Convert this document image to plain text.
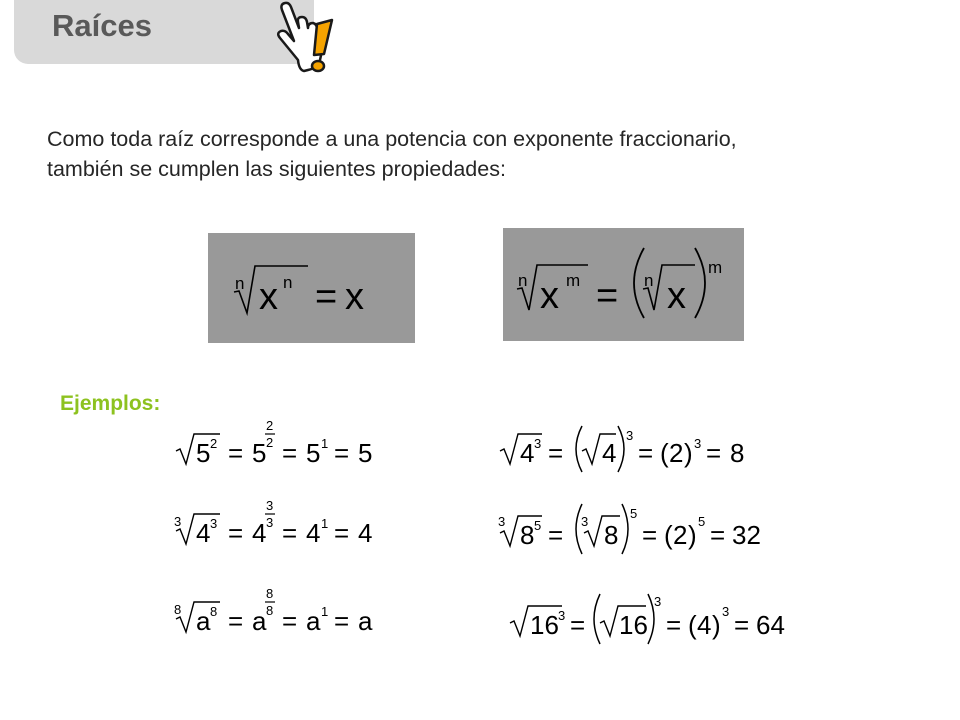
Raíces
Como toda raíz corresponde a una potencia con exponente fraccionario,
también se cumplen las siguientes propiedades:
n x n = x	n x m = n x
m
Ejemplos:
5 2 = 5
2
2 = 5 1 = 5
3 4 3 = 4
3
3 = 4 1 = 4
8 a 8 = a
8
8 = a 1 = a
4 3 = 4
3
= ( 2 ) 3 = 8
3 8 5 = 3 8
5
= ( 2 ) 5 = 32
16 3 = 16
3
= ( 4 ) 3 = 64
